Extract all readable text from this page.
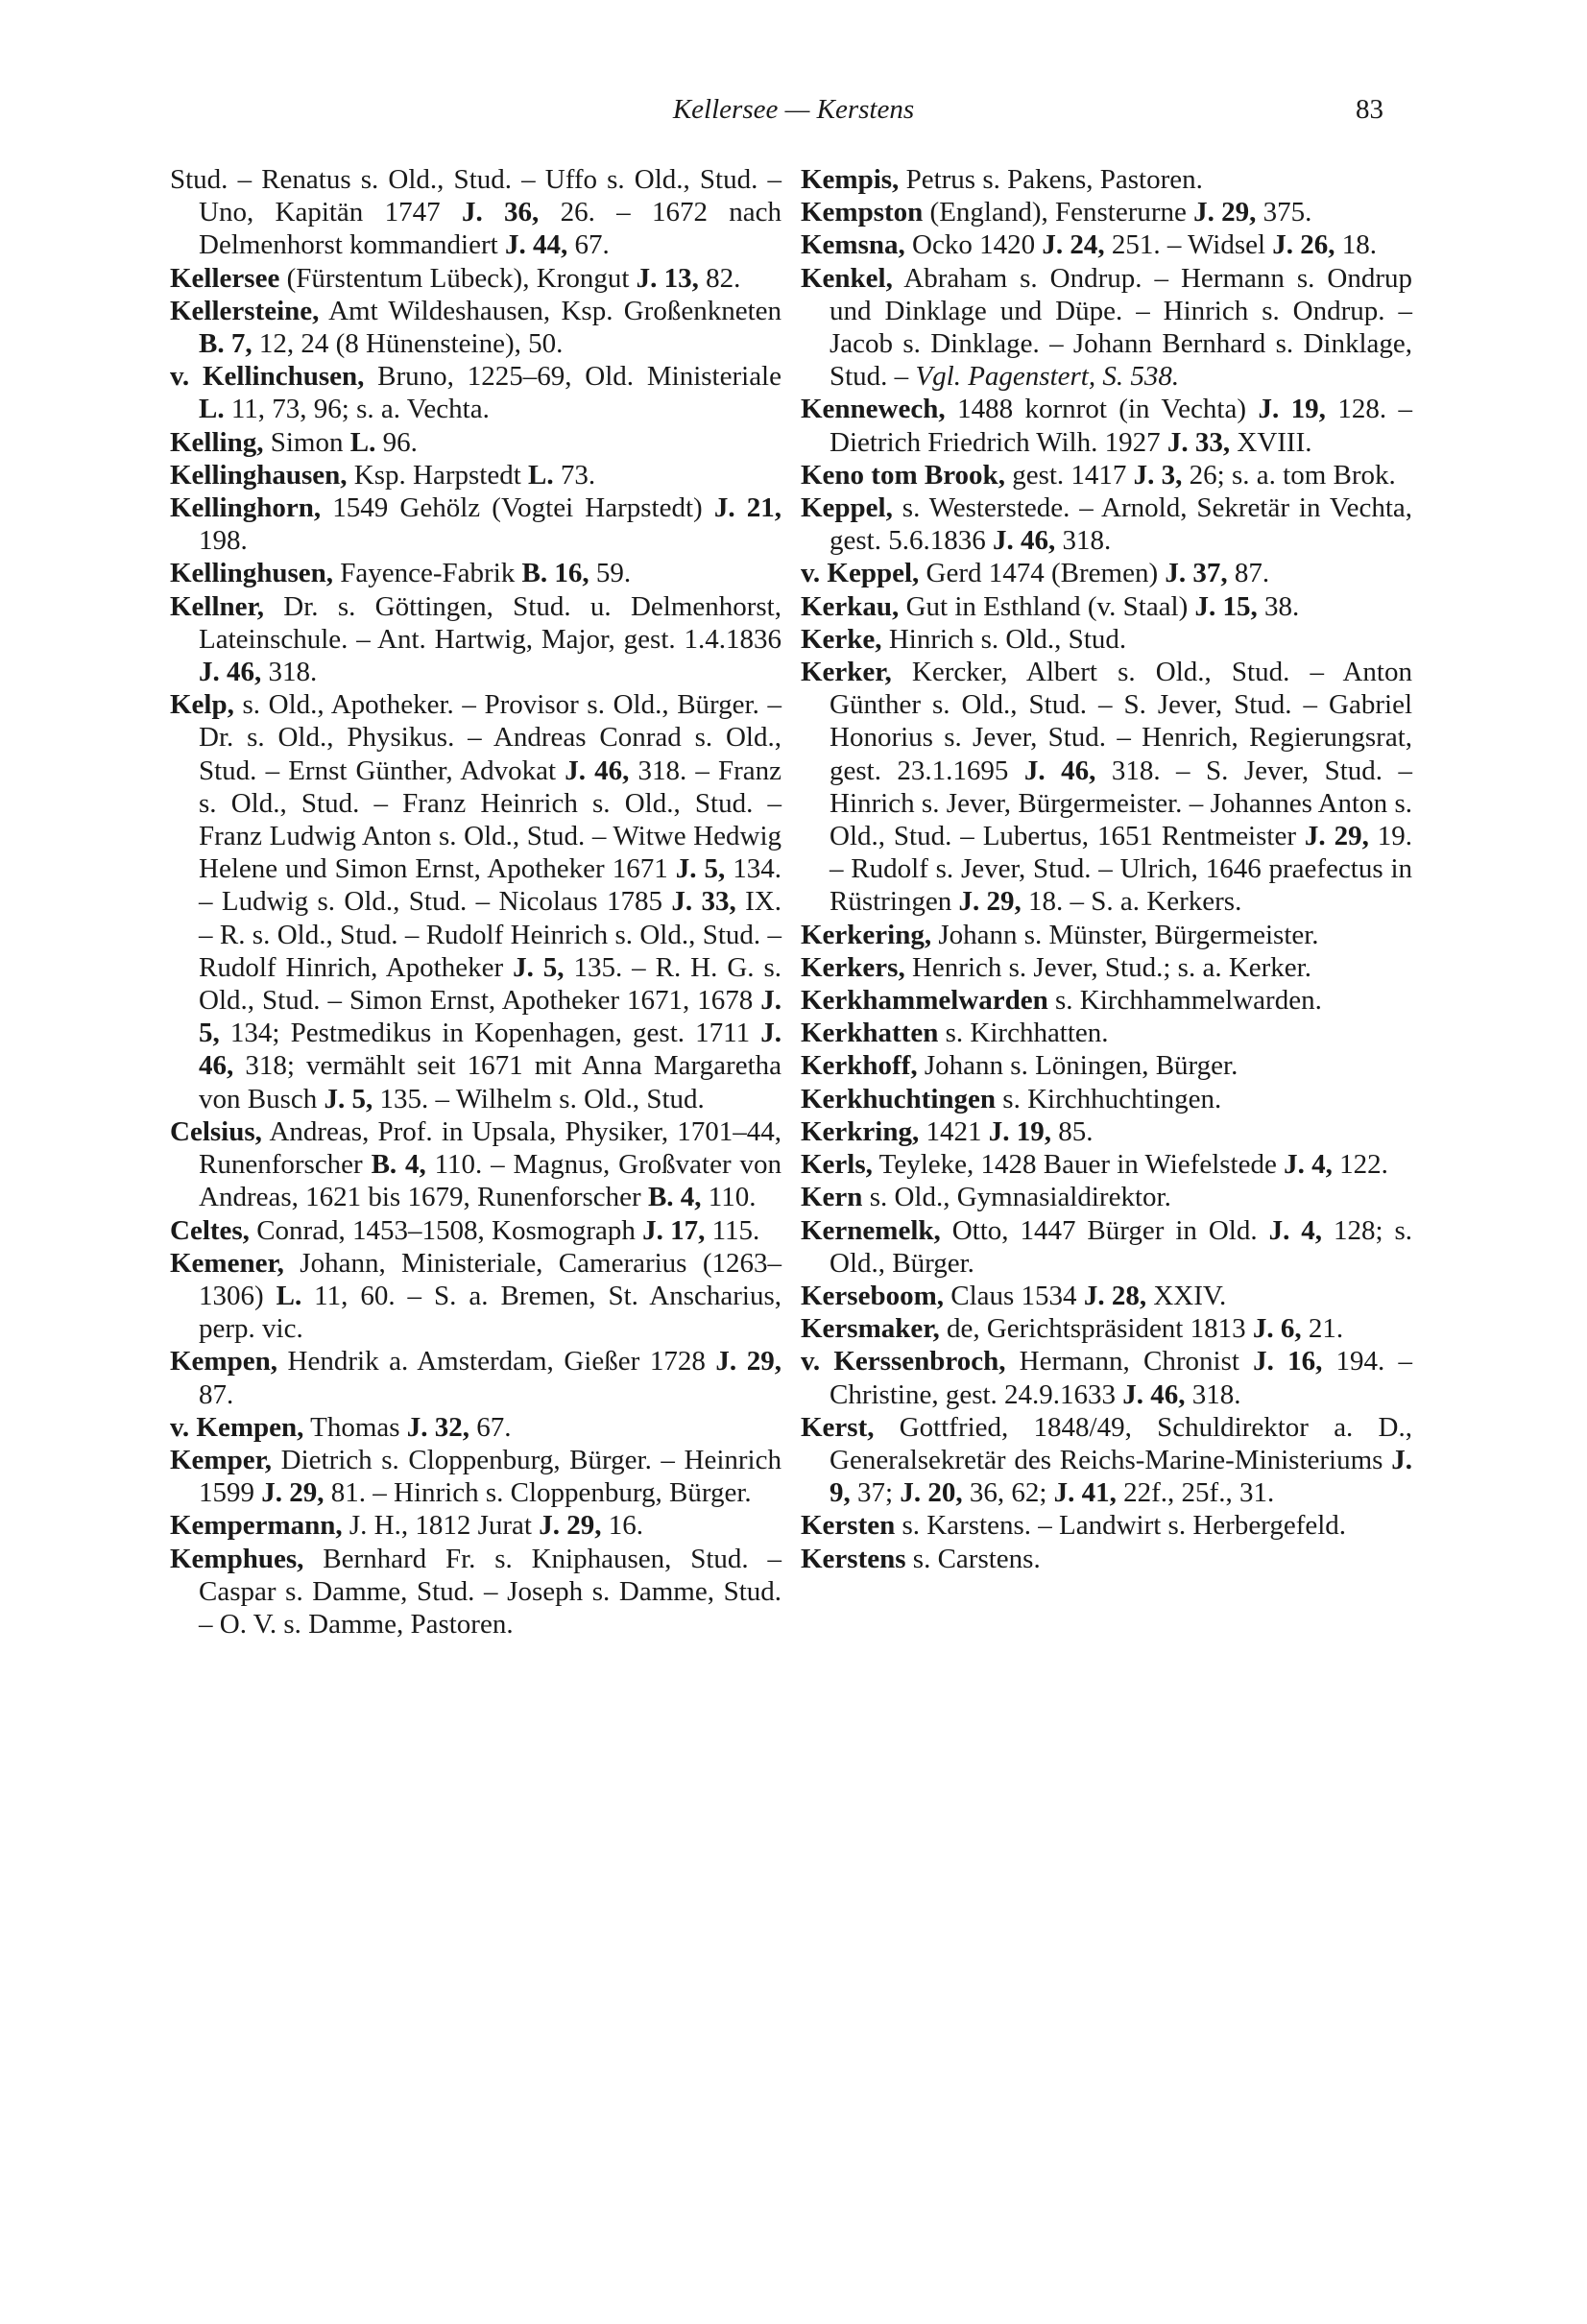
Kellersee — Kerstens	83

Stud. – Renatus s. Old., Stud. – Uffo s. Old., Stud. – Uno, Kapitän 1747 J. 36, 26. – 1672 nach Delmenhorst kommandiert J. 44, 67.

Kellersee (Fürstentum Lübeck), Krongut J. 13, 82.

Kellersteine, Amt Wildeshausen, Ksp. Großenkneten B. 7, 12, 24 (8 Hünensteine), 50.

v. Kellinchusen, Bruno, 1225–69, Old. Ministeriale L. 11, 73, 96; s. a. Vechta.

Kelling, Simon L. 96.

Kellinghausen, Ksp. Harpstedt L. 73.

Kellinghorn, 1549 Gehölz (Vogtei Harpstedt) J. 21, 198.

Kellinghusen, Fayence-Fabrik B. 16, 59.

Kellner, Dr. s. Göttingen, Stud. u. Delmenhorst, Lateinschule. – Ant. Hartwig, Major, gest. 1.4.1836 J. 46, 318.

Kelp, s. Old., Apotheker. – Provisor s. Old., Bürger. – Dr. s. Old., Physikus. – Andreas Conrad s. Old., Stud. – Ernst Günther, Advokat J. 46, 318. – Franz s. Old., Stud. – Franz Heinrich s. Old., Stud. – Franz Ludwig Anton s. Old., Stud. – Witwe Hedwig Helene und Simon Ernst, Apotheker 1671 J. 5, 134. – Ludwig s. Old., Stud. – Nicolaus 1785 J. 33, IX. – R. s. Old., Stud. – Rudolf Heinrich s. Old., Stud. – Rudolf Hinrich, Apotheker J. 5, 135. – R. H. G. s. Old., Stud. – Simon Ernst, Apotheker 1671, 1678 J. 5, 134; Pestmedikus in Kopenhagen, gest. 1711 J. 46, 318; vermählt seit 1671 mit Anna Margaretha von Busch J. 5, 135. – Wilhelm s. Old., Stud.

Celsius, Andreas, Prof. in Upsala, Physiker, 1701–44, Runenforscher B. 4, 110. – Magnus, Großvater von Andreas, 1621 bis 1679, Runenforscher B. 4, 110.

Celtes, Conrad, 1453–1508, Kosmograph J. 17, 115.

Kemener, Johann, Ministeriale, Camerarius (1263–1306) L. 11, 60. – S. a. Bremen, St. Anscharius, perp. vic.

Kempen, Hendrik a. Amsterdam, Gießer 1728 J. 29, 87.

v. Kempen, Thomas J. 32, 67.

Kemper, Dietrich s. Cloppenburg, Bürger. – Heinrich 1599 J. 29, 81. – Hinrich s. Cloppenburg, Bürger.

Kempermann, J. H., 1812 Jurat J. 29, 16.

Kemphues, Bernhard Fr. s. Kniphausen, Stud. – Caspar s. Damme, Stud. – Joseph s. Damme, Stud. – O. V. s. Damme, Pastoren.

Kempis, Petrus s. Pakens, Pastoren.

Kempston (England), Fensterurne J. 29, 375.

Kemsna, Ocko 1420 J. 24, 251. – Widsel J. 26, 18.

Kenkel, Abraham s. Ondrup. – Hermann s. Ondrup und Dinklage und Düpe. – Hinrich s. Ondrup. – Jacob s. Dinklage. – Johann Bernhard s. Dinklage, Stud. – Vgl. Pagenstert, S. 538.

Kennewech, 1488 kornrot (in Vechta) J. 19, 128. – Dietrich Friedrich Wilh. 1927 J. 33, XVIII.

Keno tom Brook, gest. 1417 J. 3, 26; s. a. tom Brok.

Keppel, s. Westerstede. – Arnold, Sekretär in Vechta, gest. 5.6.1836 J. 46, 318.

v. Keppel, Gerd 1474 (Bremen) J. 37, 87.

Kerkau, Gut in Esthland (v. Staal) J. 15, 38.

Kerke, Hinrich s. Old., Stud.

Kerker, Kercker, Albert s. Old., Stud. – Anton Günther s. Old., Stud. – S. Jever, Stud. – Gabriel Honorius s. Jever, Stud. – Henrich, Regierungsrat, gest. 23.1.1695 J. 46, 318. – S. Jever, Stud. – Hinrich s. Jever, Bürgermeister. – Johannes Anton s. Old., Stud. – Lubertus, 1651 Rentmeister J. 29, 19. – Rudolf s. Jever, Stud. – Ulrich, 1646 praefectus in Rüstringen J. 29, 18. – S. a. Kerkers.

Kerkering, Johann s. Münster, Bürgermeister.

Kerkers, Henrich s. Jever, Stud.; s. a. Kerker.

Kerkhammelwarden s. Kirchhammelwarden.

Kerkhatten s. Kirchhatten.

Kerkhoff, Johann s. Löningen, Bürger.

Kerkhuchtingen s. Kirchhuchtingen.

Kerkring, 1421 J. 19, 85.

Kerls, Teyleke, 1428 Bauer in Wiefelstede J. 4, 122.

Kern s. Old., Gymnasialdirektor.

Kernemelk, Otto, 1447 Bürger in Old. J. 4, 128; s. Old., Bürger.

Kerseboom, Claus 1534 J. 28, XXIV.

Kersmaker, de, Gerichtspräsident 1813 J. 6, 21.

v. Kerssenbroch, Hermann, Chronist J. 16, 194. – Christine, gest. 24.9.1633 J. 46, 318.

Kerst, Gottfried, 1848/49, Schuldirektor a. D., Generalsekretär des Reichs-Marine-Ministeriums J. 9, 37; J. 20, 36, 62; J. 41, 22f., 25f., 31.

Kersten s. Karstens. – Landwirt s. Herbergefeld.

Kerstens s. Carstens.
